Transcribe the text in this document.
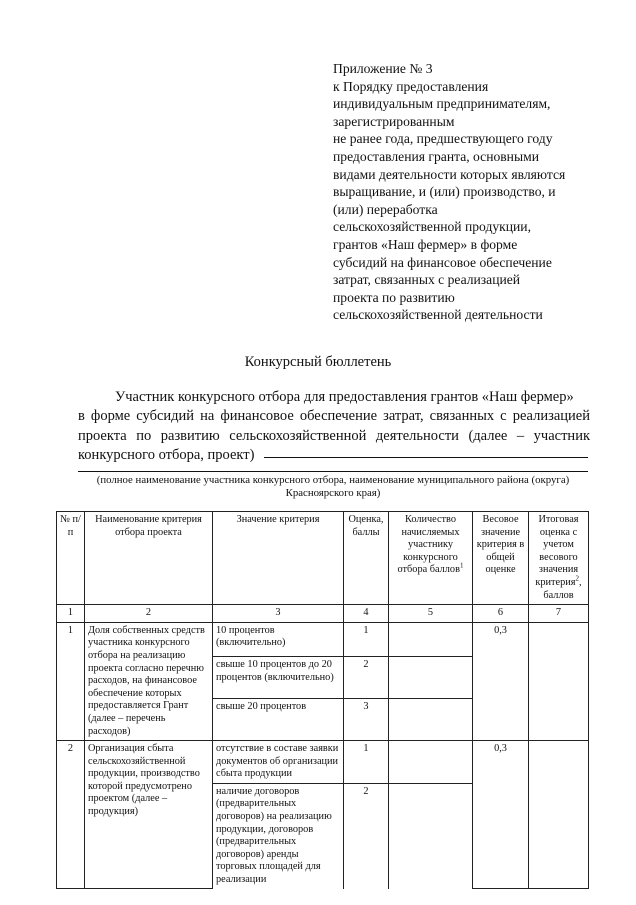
Приложение № 3
к Порядку предоставления
индивидуальным предпринимателям,
зарегистрированным
не ранее года, предшествующего году
предоставления гранта, основными
видами деятельности которых являются
выращивание, и (или) производство, и
(или) переработка
сельскохозяйственной продукции,
грантов «Наш фермер» в форме
субсидий на финансовое обеспечение
затрат, связанных с реализацией
проекта по развитию
сельскохозяйственной деятельности
Конкурсный бюллетень
Участник конкурсного отбора для предоставления грантов «Наш фермер»
в форме субсидий на финансовое обеспечение затрат, связанных с реализацией
проекта по развитию сельскохозяйственной деятельности (далее – участник
конкурсного отбора, проект)
(полное наименование участника конкурсного отбора, наименование муниципального района (округа)
Красноярского края)
№ п/п	Наименование критерия отбора проекта	Значение критерия	Оценка, баллы	Количество начисляемых участнику конкурсного отбора баллов$^1$	Весовое значение критерия в общей оценке	Итоговая оценка с учетом весового значения критерия$^2$, баллов
1	2	3	4	5	6	7
1	Доля собственных средств участника конкурсного отбора на реализацию проекта согласно перечню расходов, на финансовое обеспечение которых предоставляется Грант (далее – перечень расходов)	10 процентов (включительно)	1		0,3	
		свыше 10 процентов до 20 процентов (включительно)	2			
		свыше 20 процентов	3			
2	Организация сбыта сельскохозяйственной продукции, производство которой предусмотрено проектом (далее – продукция)	отсутствие в составе заявки документов об организации сбыта продукции	1		0,3	
		наличие договоров (предварительных договоров) на реализацию продукции, договоров (предварительных договоров) аренды торговых площадей для реализации	2			
